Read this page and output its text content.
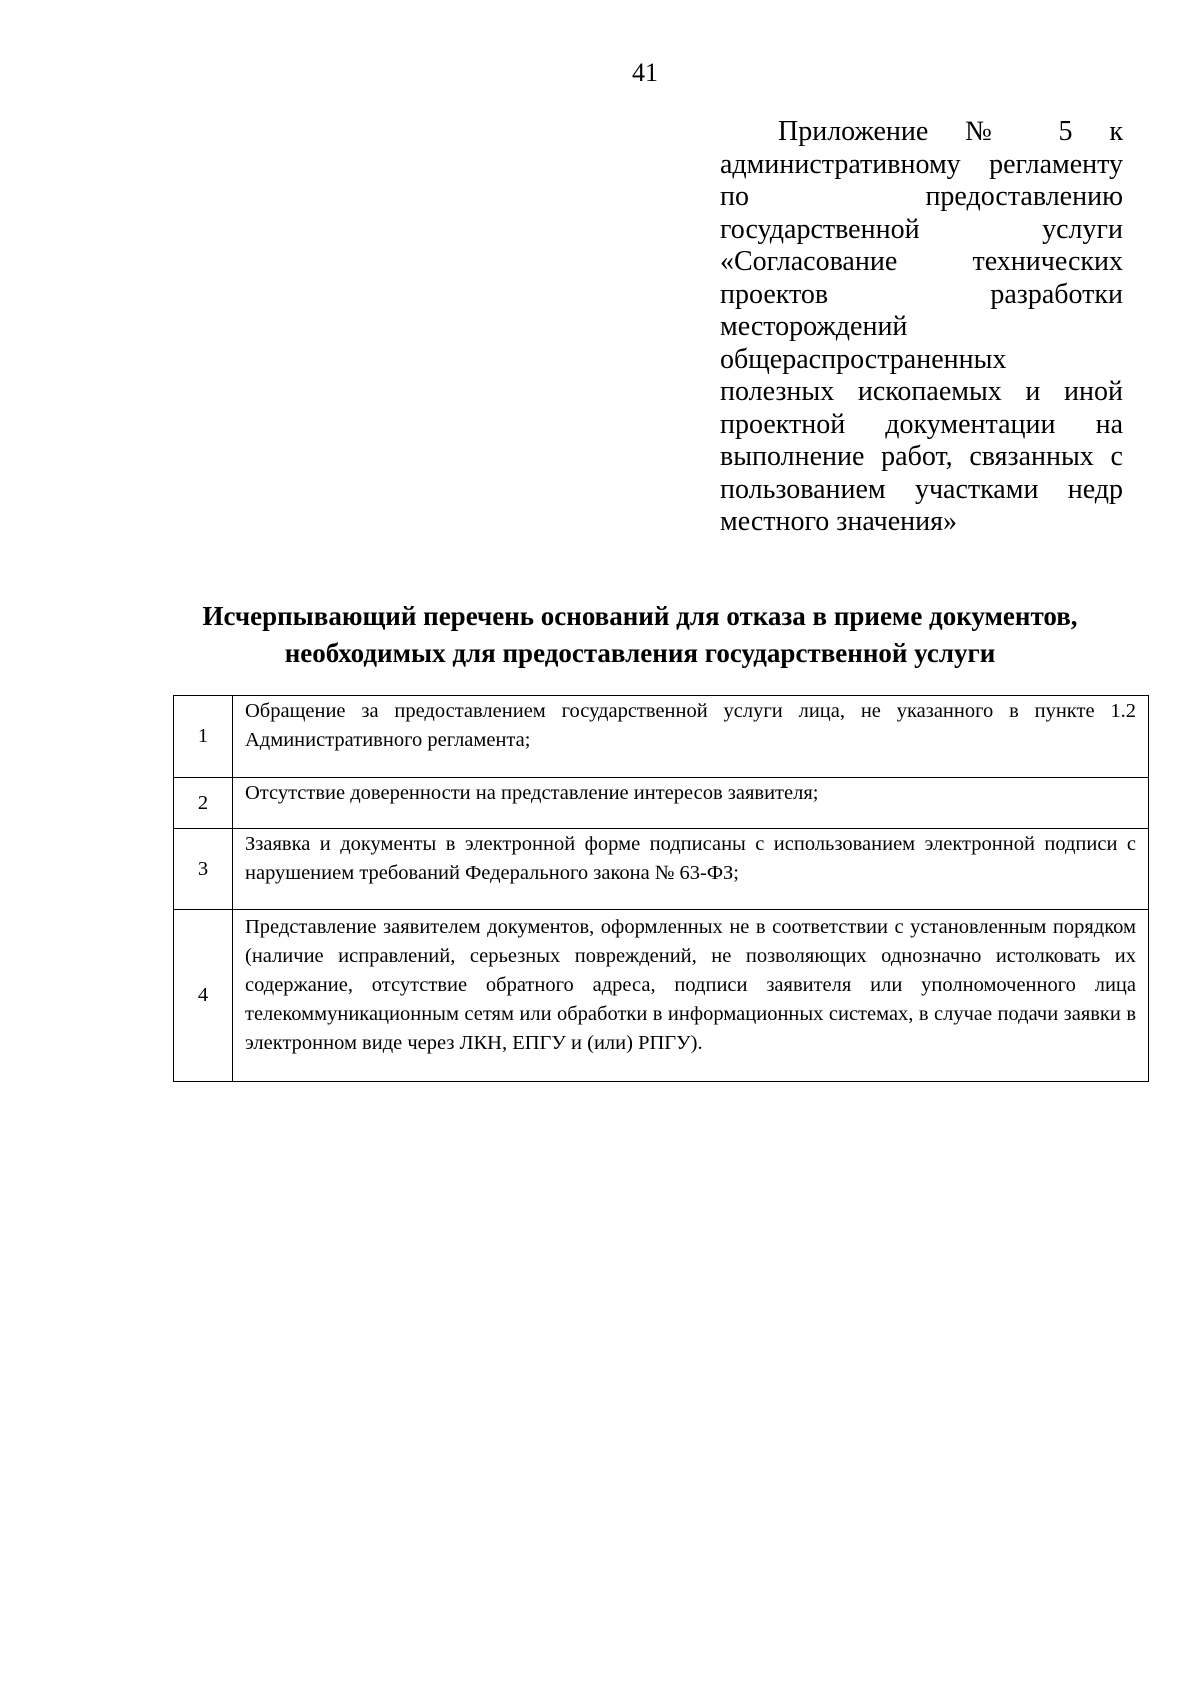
41
Приложение № 5 к административному регламенту по предоставлению государственной услуги «Согласование технических проектов разработки месторождений общераспространенных полезных ископаемых и иной проектной документации на выполнение работ, связанных с пользованием участками недр местного значения»
Исчерпывающий перечень оснований для отказа в приеме документов,
необходимых для предоставления государственной услуги
1	Обращение за предоставлением государственной услуги лица, не указанного в пункте 1.2 Административного регламента;
2	Отсутствие доверенности на представление интересов заявителя;
3	Ззаявка и документы в электронной форме подписаны с использованием электронной подписи с нарушением требований Федерального закона № 63-ФЗ;
4	Представление заявителем документов, оформленных не в соответствии с установленным порядком (наличие исправлений, серьезных повреждений, не позволяющих однозначно истолковать их содержание, отсутствие обратного адреса, подписи заявителя или уполномоченного лица телекоммуникационным сетям или обработки в информационных системах, в случае подачи заявки в электронном виде через ЛКН, ЕПГУ и (или) РПГУ).
